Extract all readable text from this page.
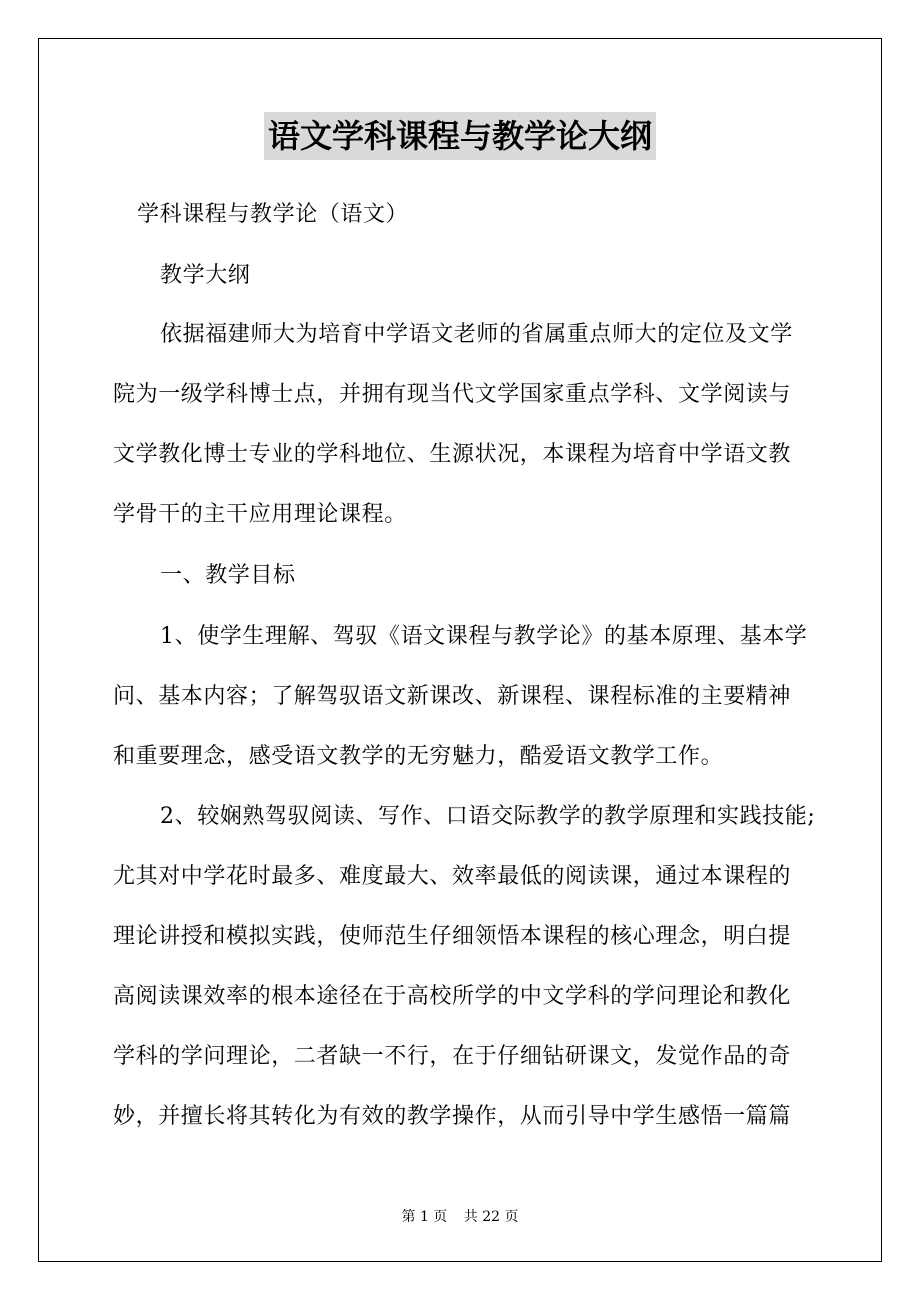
语文学科课程与教学论大纲
学科课程与教学论（语文）
教学大纲
依据福建师大为培育中学语文老师的省属重点师大的定位及文学
院为一级学科博士点，并拥有现当代文学国家重点学科、文学阅读与
文学教化博士专业的学科地位、生源状况，本课程为培育中学语文教
学骨干的主干应用理论课程。
一、教学目标
1、使学生理解、驾驭《语文课程与教学论》的基本原理、基本学
问、基本内容；了解驾驭语文新课改、新课程、课程标准的主要精神
和重要理念，感受语文教学的无穷魅力，酷爱语文教学工作。
2、较娴熟驾驭阅读、写作、口语交际教学的教学原理和实践技能;
尤其对中学花时最多、难度最大、效率最低的阅读课，通过本课程的
理论讲授和模拟实践，使师范生仔细领悟本课程的核心理念，明白提
高阅读课效率的根本途径在于高校所学的中文学科的学问理论和教化
学科的学问理论，二者缺一不行，在于仔细钻研课文，发觉作品的奇
妙，并擅长将其转化为有效的教学操作，从而引导中学生感悟一篇篇
第 1 页 共 22 页
